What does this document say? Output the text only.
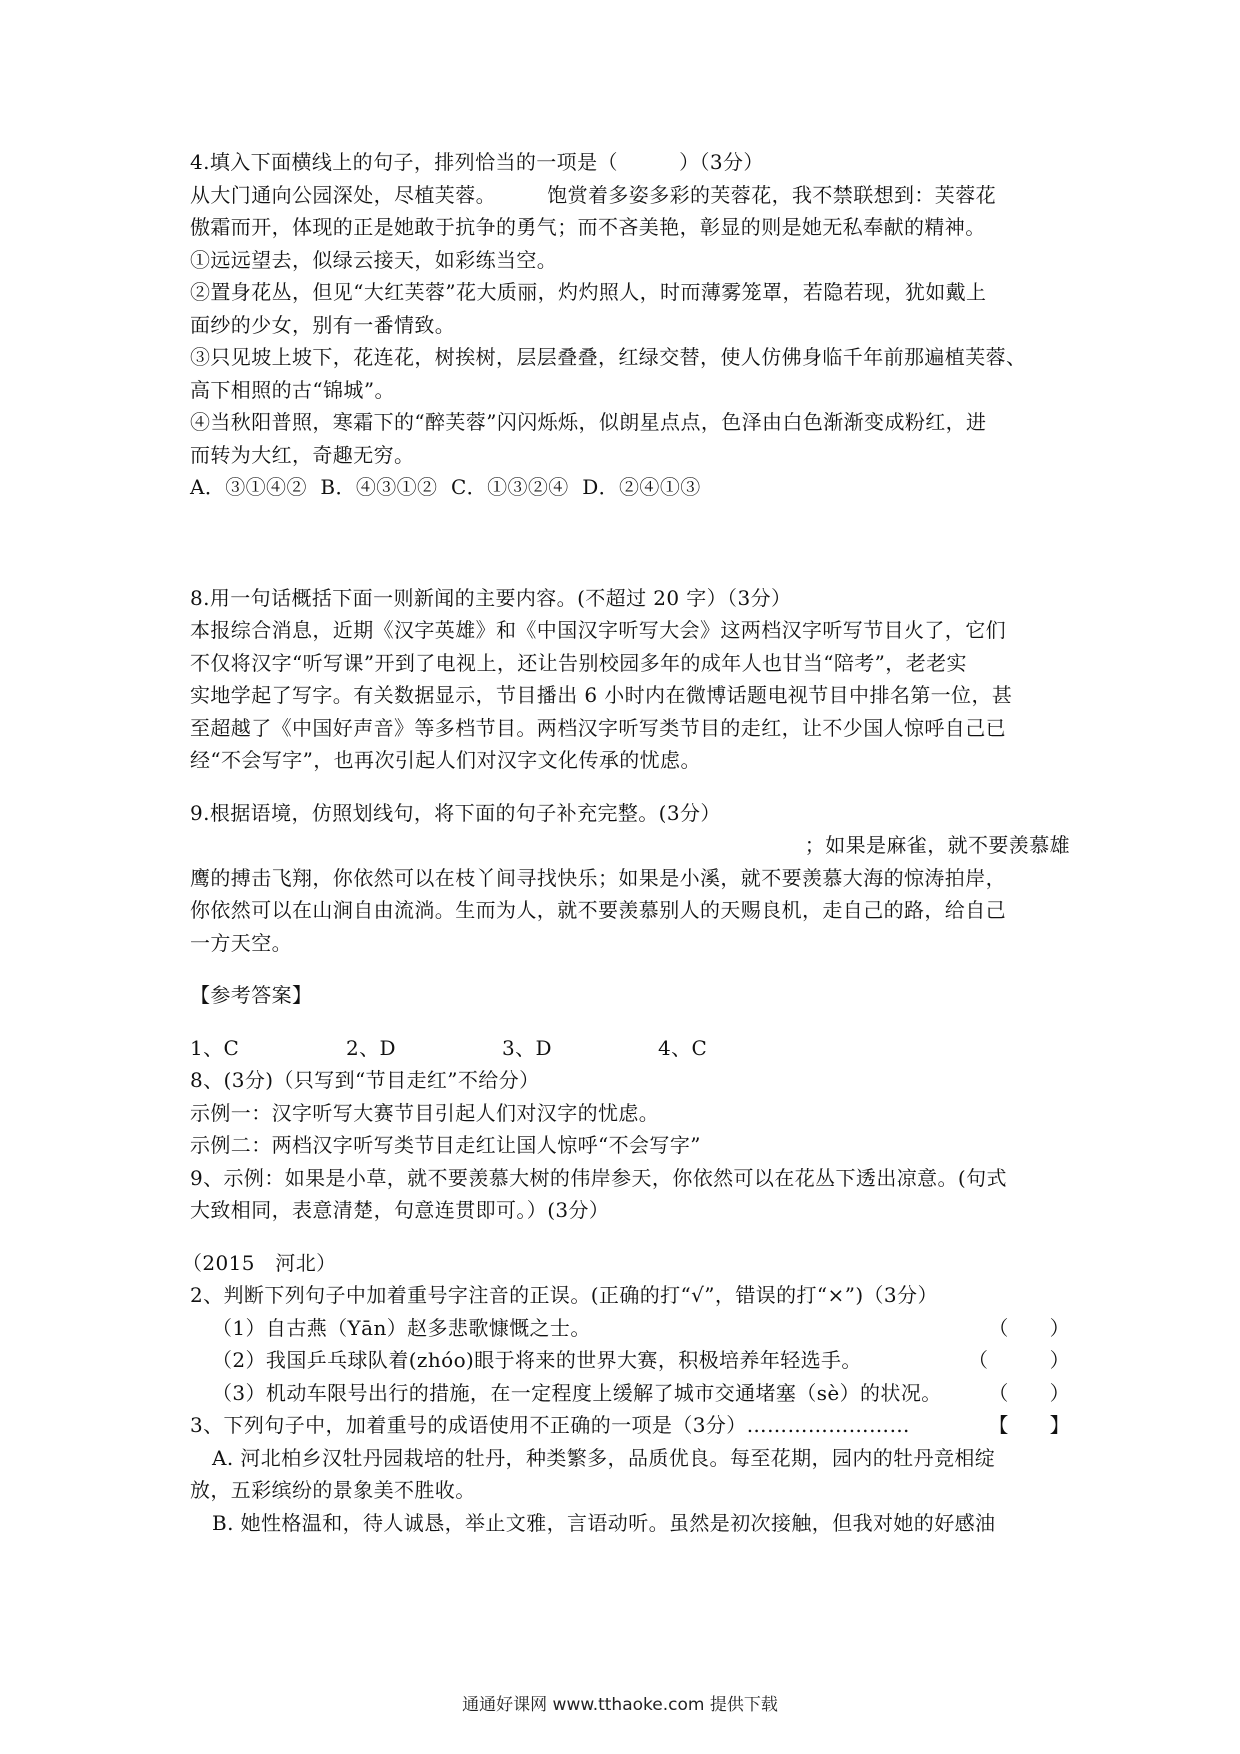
4.填入下面横线上的句子，排列恰当的一项是（　　　）（3分）
从大门通向公园深处，尽植芙蓉。　　　饱赏着多姿多彩的芙蓉花，我不禁联想到：芙蓉花
傲霜而开，体现的正是她敢于抗争的勇气；而不吝美艳，彰显的则是她无私奉献的精神。
①远远望去，似绿云接天，如彩练当空。
②置身花丛，但见“大红芙蓉”花大质丽，灼灼照人，时而薄雾笼罩，若隐若现，犹如戴上
面纱的少女，别有一番情致。
③只见坡上坡下，花连花，树挨树，层层叠叠，红绿交替，使人仿佛身临千年前那遍植芙蓉、
高下相照的古“锦城”。
④当秋阳普照，寒霜下的“醉芙蓉”闪闪烁烁，似朗星点点，色泽由白色渐渐变成粉红，进
而转为大红，奇趣无穷。
A．③①④②  B．④③①②  C．①③②④  D．②④①③
8.用一句话概括下面一则新闻的主要内容。(不超过 20 字）（3分）
本报综合消息，近期《汉字英雄》和《中国汉字听写大会》这两档汉字听写节目火了，它们
不仅将汉字“听写课”开到了电视上，还让告别校园多年的成年人也甘当“陪考”，老老实
实地学起了写字。有关数据显示，节目播出 6 小时内在微博话题电视节目中排名第一位，甚
至超越了《中国好声音》等多档节目。两档汉字听写类节目的走红，让不少国人惊呼自己已
经“不会写字”，也再次引起人们对汉字文化传承的忧虑。
9.根据语境，仿照划线句，将下面的句子补充完整。(3分）
；如果是麻雀，就不要羡慕雄
鹰的搏击飞翔，你依然可以在枝丫间寻找快乐；如果是小溪，就不要羡慕大海的惊涛拍岸，
你依然可以在山涧自由流淌。生而为人，就不要羡慕别人的天赐良机，走自己的路，给自己
一方天空。
【参考答案】
1、C	2、D	3、D	4、C
8、(3分)（只写到“节目走红”不给分）
示例一：汉字听写大赛节目引起人们对汉字的忧虑。
示例二：两档汉字听写类节目走红让国人惊呼“不会写字”
9、示例：如果是小草，就不要羡慕大树的伟岸参天，你依然可以在花丛下透出凉意。(句式
大致相同，表意清楚，句意连贯即可。）(3分）
（2015　河北）
2、判断下列句子中加着重号字注音的正误。(正确的打“√”，错误的打“×”)（3分）
（1）自古燕（Yān）赵多悲歌慷慨之士。	（　　）
（2）我国乒乓球队着(zhóo)眼于将来的世界大赛，积极培养年轻选手。	（　　　）
（3）机动车限号出行的措施，在一定程度上缓解了城市交通堵塞（sè）的状况。 （　　）
3、下列句子中，加着重号的成语使用不正确的一项是（3分）……………………	【　　】
A. 河北柏乡汉牡丹园栽培的牡丹，种类繁多，品质优良。每至花期，园内的牡丹竞相绽
放，五彩缤纷的景象美不胜收。
B. 她性格温和，待人诚恳，举止文雅，言语动听。虽然是初次接触，但我对她的好感油
通通好课网 www.tthaoke.com 提供下载
